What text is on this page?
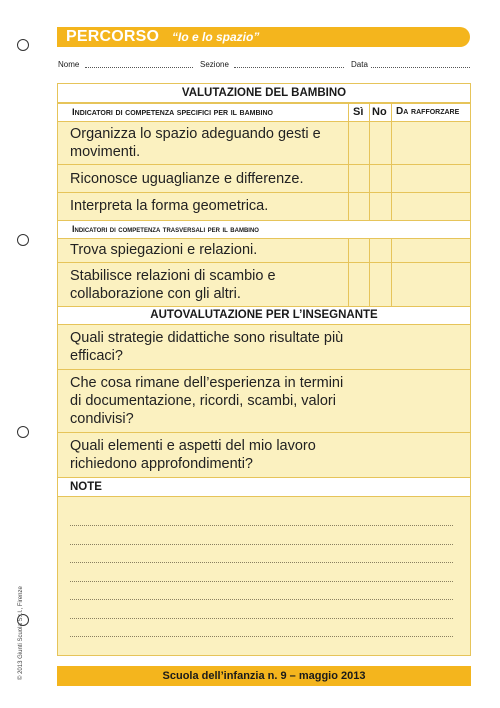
PERCORSO “Io e lo spazio”
Nome	Sezione	Data
VALUTAZIONE DEL BAMBINO
Indicatori di competenza specifici per il bambino	Sì No Da rafforzare
Organizza lo spazio adeguando gesti e movimenti.
Riconosce uguaglianze e differenze.
Interpreta la forma geometrica.
Indicatori di competenza trasversali per il bambino
Trova spiegazioni e relazioni.
Stabilisce relazioni di scambio e collaborazione con gli altri.
AUTOVALUTAZIONE PER L’INSEGNANTE
Quali strategie didattiche sono risultate più efficaci?
Che cosa rimane dell’esperienza in termini di documentazione, ricordi, scambi, valori condivisi?
Quali elementi e aspetti del mio lavoro richiedono approfondimenti?
NOTE
Scuola dell’infanzia n. 9 – maggio 2013
© 2013 Giunti Scuola S.r.l., Firenze
